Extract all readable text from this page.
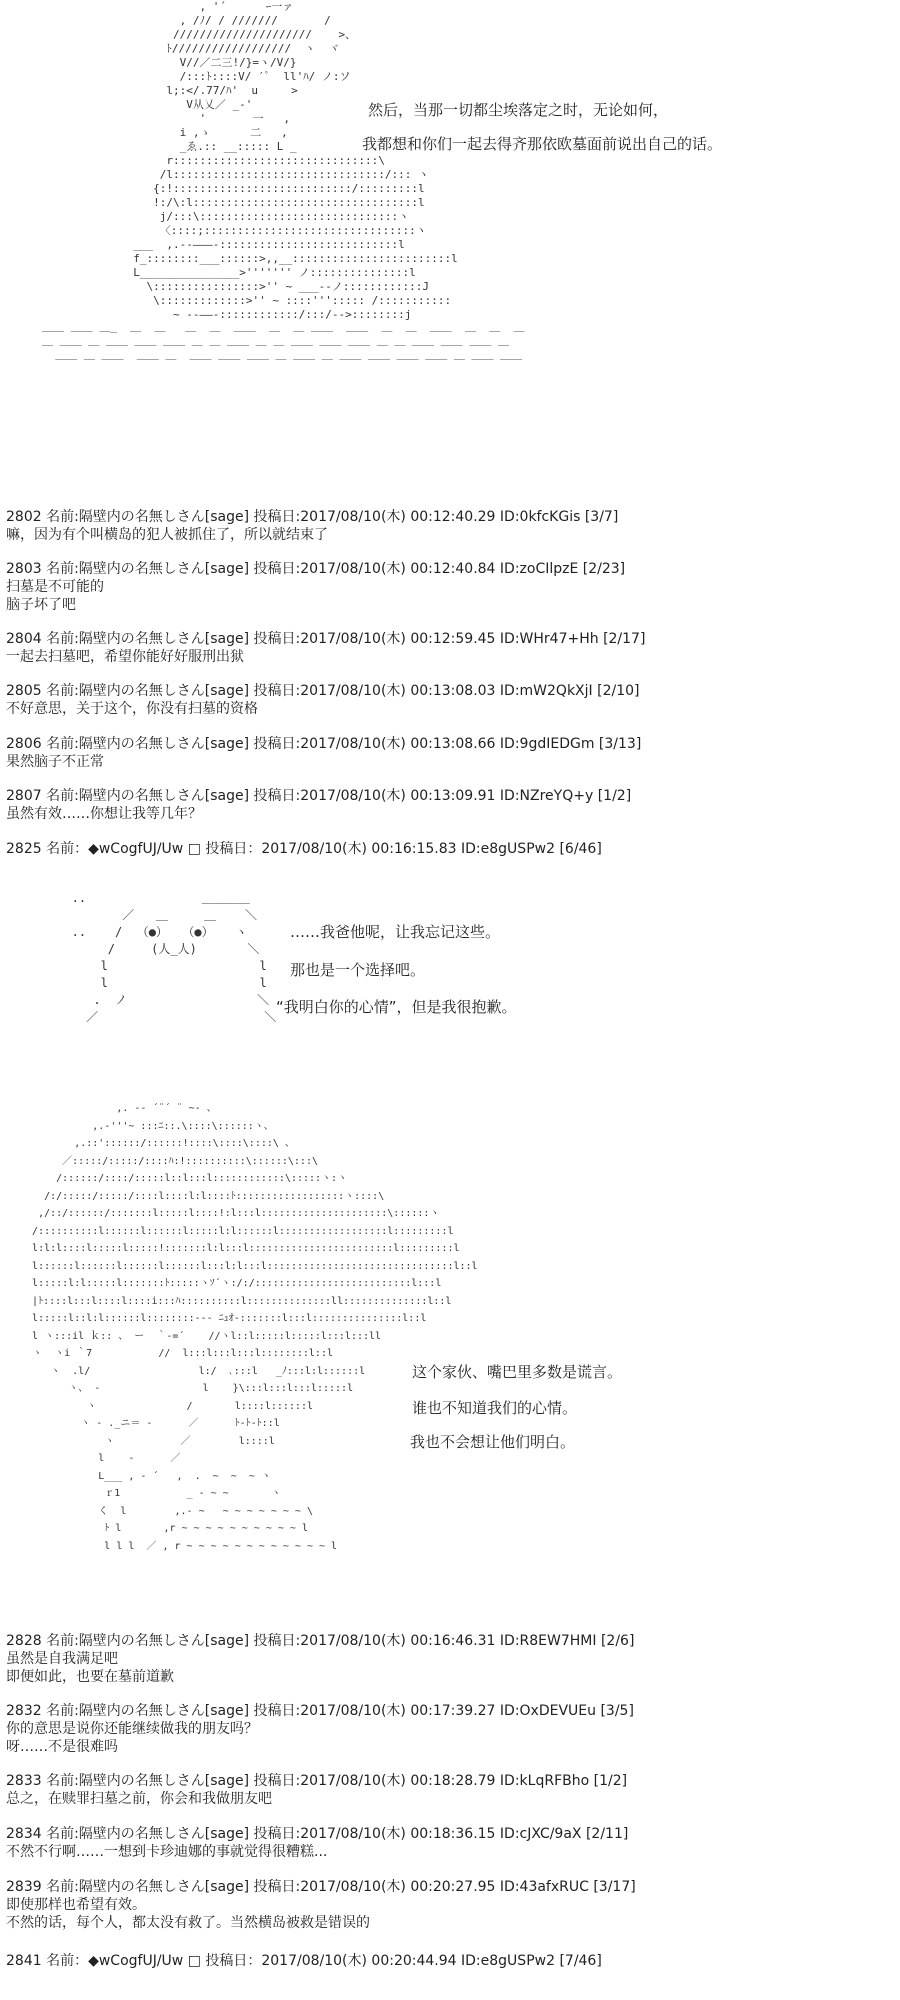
, '´      ｰ一ァ
, /ﾉ/ / ///////       /
/////////////////////    >、
ﾄ//////////////////  ヽ  ヾ
V//／二三!/}=ヽ/V/}
/:::ﾄ::::V/ ′ﾟ  ll'ﾊ/ ノ:ソ
l;:</.77/ﾊ'  u     >
V从乂／ _-'
'       一   ,
i ,ゝ      二   ,
_ゑ.:: __::::: L _
r:::::::::::::::::::::::::::::::\
/l::::::::::::::::::::::::::::::::/::: ヽ
{:!:::::::::::::::::::::::::::/:::::::::l
!:/\:l::::::::::::::::::::::::::::::::::l
j/:::\::::::::::::::::::::::::::::::ヽ
〈::::;::::::::::::::::::::::::::::::::ヽ
___  ,.--―――-:::::::::::::::::::::::::::l
f_::::::::___::::::>,,__::::::::::::::::::::::::l
L_______________>''''''' ノ:::::::::::::::l
\::::::::::::::::>'' ~ ___-‐ノ::::::::::::J
\:::::::::::::>'' ~ ::::'''::::: /:::::::::::
~ ‐‐――-::::::::::::/:::/-->::::::::j
＿＿ ＿＿ ＿_  ＿  ＿   ＿  ＿  ＿＿  ＿  ＿ ＿＿  ＿＿  ＿  ＿  ＿＿  ＿  ＿  ＿
＿ ＿＿ ＿ ＿＿ ＿＿ ＿＿ ＿ ＿ ＿＿ ＿ ＿ ＿＿ ＿＿ ＿＿ ＿ ＿ ＿＿ ＿＿ ＿＿ ＿
＿＿ ＿ ＿＿  ＿＿ ＿  ＿＿ ＿＿ ＿＿ ＿ ＿＿ ＿ ＿＿ ＿＿ ＿＿ ＿＿ ＿ ＿＿ ＿＿
然后，当那一切都尘埃落定之时，无论如何，
我都想和你们一起去得齐那依欧墓面前说出自己的话。
2802 名前:隔壁内の名無しさん[sage] 投稿日:2017/08/10(木) 00:12:40.29 ID:0kfcKGis [3/7]
嘛，因为有个叫横岛的犯人被抓住了，所以就结束了
2803 名前:隔壁内の名無しさん[sage] 投稿日:2017/08/10(木) 00:12:40.84 ID:zoCIlpzE [2/23]
扫墓是不可能的
脑子坏了吧
2804 名前:隔壁内の名無しさん[sage] 投稿日:2017/08/10(木) 00:12:59.45 ID:WHr47+Hh [2/17]
一起去扫墓吧，希望你能好好服刑出狱
2805 名前:隔壁内の名無しさん[sage] 投稿日:2017/08/10(木) 00:13:08.03 ID:mW2QkXjI [2/10]
不好意思，关于这个，你没有扫墓的资格
2806 名前:隔壁内の名無しさん[sage] 投稿日:2017/08/10(木) 00:13:08.66 ID:9gdIEDGm [3/13]
果然脑子不正常
2807 名前:隔壁内の名無しさん[sage] 投稿日:2017/08/10(木) 00:13:09.91 ID:NZreYQ+y [1/2]
虽然有效……你想让我等几年？
2825 名前：◆wCogfUJ/Uw □ 投稿日：2017/08/10(木) 00:16:15.83 ID:e8gUSPw2 [6/46]
..                ＿＿＿＿
／   ＿     ＿    ＼
..    /  （●）  （●）   ヽ
/     (人_人)       ＼
l                     l
l                     l
.  ノ                  ＼
／                       ＼
……我爸他呢，让我忘记这些。
那也是一个选择吧。
“我明白你的心情”，但是我很抱歉。
,. -‐ ´¨´ ¨ ~‐ 、
,.-'''~ :::ﾆ::.\::::\::::::ヽ、
,.::'::::::/::::::!::::\::::\::::\ 、
／:::::/:::::/::::ﾊ:!::::::::::\::::::\:::\
/::::::/::::/:::::l::l:::l::::::::::::\:::::ヽ:ヽ
/:/:::::/:::::/::::l::::l:l::::ﾄ::::::::::::::::::ヽ::::\
,/::/::::::/:::::::l:::::l::::!:l:::l:::::::::::::::::::::\::::::ヽ
/::::::::::l::::::l::::::l:::::l:l::::::l::::::::::::::::::l:::::::::l
l:l:l::::l:::::l:::::!:::::::l:l:::l::::::::::::::::::::::::l:::::::::l
l::::::l::::::l::::::l::::::l:::l:l:::l:::::::::::::::::::::::::::::::l::l
l:::::l:l:::::l:::::::ﾄ:::::ヽｿ´ヽ:/:/::::::::::::::::::::::::::l:::l
|ﾄ::::l:::l::::l::::i:::ﾊ::::::::::l::::::::::::::ll::::::::::::::l::l
l:::::l::l:l::::::l::::::::--‐ ﾆｭｵ-:::::::l:::l:::::::::::::::l::l
l ヽ:::il ｋ:: 、 ー  ｀-=´    //ヽl::l:::::l:::::l:::l:::ll
ヽ  ヽi ｀7           //  l:::l:::l:::l::::::::l::l
ヽ  .l/                  l:/  ､:::l   _ﾉ:::l:l::::::l
ヽ、 -                 l    }\:::l:::l:::l:::::l
ヽ               /       l::::l::::::l
ヽ ‐ ._ニ＝ -      ／      ﾄ‐ﾄ‐ﾄ::l
ヽ           ／        l::::l
l    ‐      ／
L___ , ‐ ´   ,  .  ~  ~  ~ ヽ
ｒ1           _ - ~ ~       ヽ
く  l        ,.- ~   ~ ~ ~ ~ ~ ~ ~ \
ﾄ l       ,r ~ ~ ~ ~ ~ ~ ~ ~ ~ ~ l
l l l  ／ , r ~ ~ ~ ~ ~ ~ ~ ~ ~ ~ ~ ~ l
这个家伙、嘴巴里多数是谎言。
谁也不知道我们的心情。
我也不会想让他们明白。
2828 名前:隔壁内の名無しさん[sage] 投稿日:2017/08/10(木) 00:16:46.31 ID:R8EW7HMI [2/6]
虽然是自我满足吧
即便如此，也要在墓前道歉
2832 名前:隔壁内の名無しさん[sage] 投稿日:2017/08/10(木) 00:17:39.27 ID:OxDEVUEu [3/5]
你的意思是说你还能继续做我的朋友吗？
呀……不是很难吗
2833 名前:隔壁内の名無しさん[sage] 投稿日:2017/08/10(木) 00:18:28.79 ID:kLqRFBho [1/2]
总之，在赎罪扫墓之前，你会和我做朋友吧
2834 名前:隔壁内の名無しさん[sage] 投稿日:2017/08/10(木) 00:18:36.15 ID:cJXC/9aX [2/11]
不然不行啊……一想到卡珍迪娜的事就觉得很糟糕...
2839 名前:隔壁内の名無しさん[sage] 投稿日:2017/08/10(木) 00:20:27.95 ID:43afxRUC [3/17]
即使那样也希望有效。
不然的话，每个人，都太没有救了。当然横岛被救是错误的
2841 名前：◆wCogfUJ/Uw □ 投稿日：2017/08/10(木) 00:20:44.94 ID:e8gUSPw2 [7/46]
